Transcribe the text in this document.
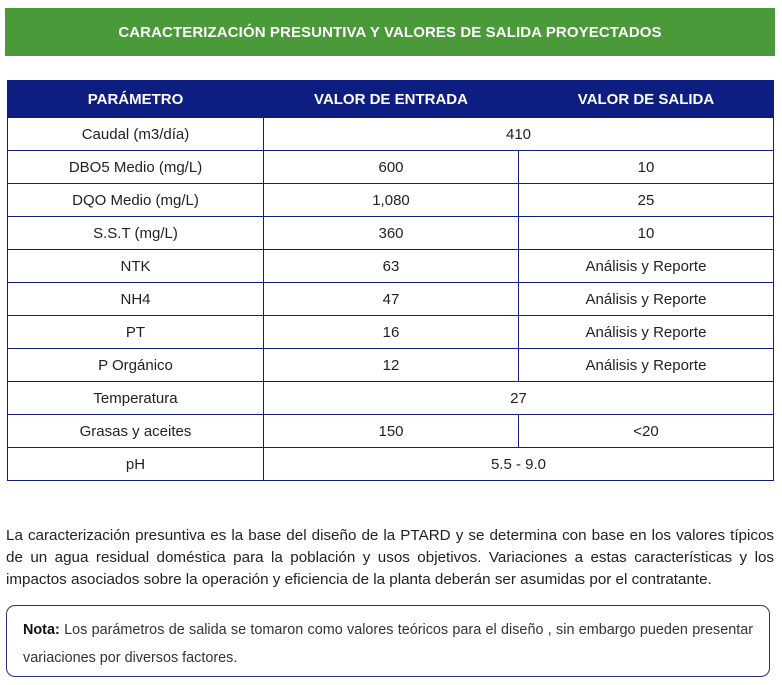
CARACTERIZACIÓN PRESUNTIVA Y VALORES DE SALIDA PROYECTADOS
PARÁMETRO	VALOR DE ENTRADA	VALOR DE SALIDA
Caudal (m3/día)	410	
DBO5 Medio (mg/L)	600	10
DQO Medio (mg/L)	1,080	25
S.S.T (mg/L)	360	10
NTK	63	Análisis y Reporte
NH4	47	Análisis y Reporte
PT	16	Análisis y Reporte
P Orgánico	12	Análisis y Reporte
Temperatura	27	
Grasas y aceites	150	<20
pH	5.5 - 9.0	

La caracterización presuntiva es la base del diseño de la PTARD y se determina con base en los valores típicos de un agua residual doméstica para la población y usos objetivos. Variaciones a estas características y los impactos asociados sobre la operación y eficiencia de la planta deberán ser asumidas por el contratante.

Nota: Los parámetros de salida se tomaron como valores teóricos para el diseño , sin embargo pueden presentar variaciones por diversos factores.
